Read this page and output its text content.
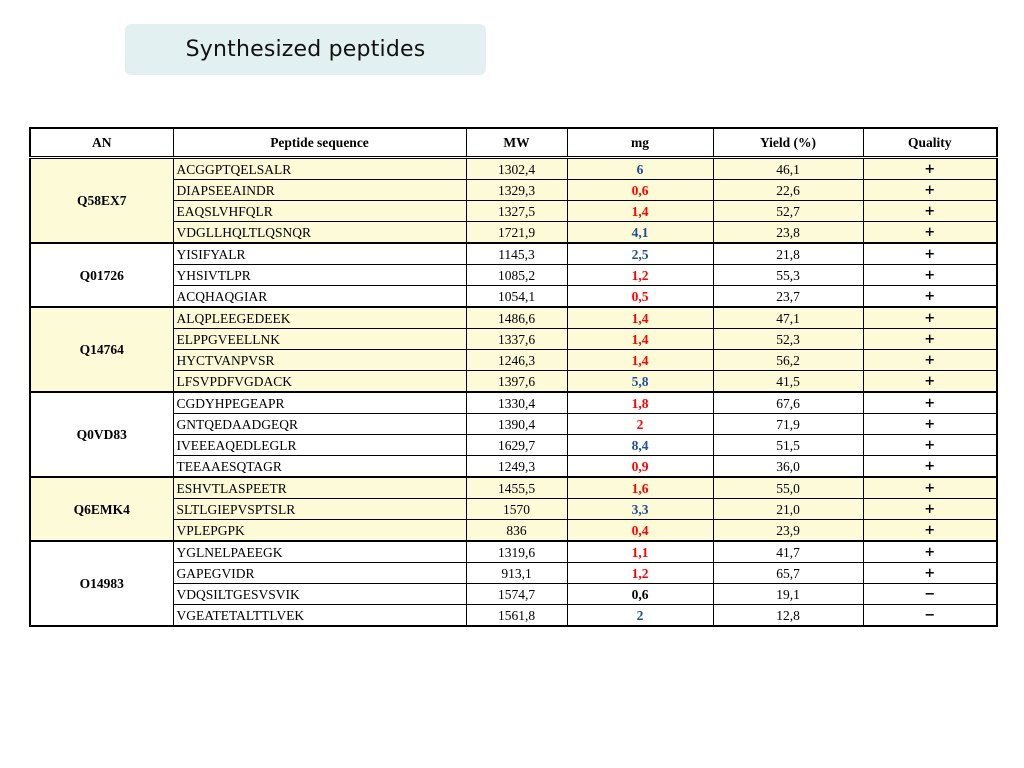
Synthesized peptides
AN	Peptide sequence	MW	mg	Yield (%)	Quality
Q58EX7	ACGGPTQELSALR	1302,4	6	46,1	+
	DIAPSEEAINDR	1329,3	0,6	22,6	+
	EAQSLVHFQLR	1327,5	1,4	52,7	+
	VDGLLHQLTLQSNQR	1721,9	4,1	23,8	+
Q01726	YISIFYALR	1145,3	2,5	21,8	+
	YHSIVTLPR	1085,2	1,2	55,3	+
	ACQHAQGIAR	1054,1	0,5	23,7	+
Q14764	ALQPLEEGEDEEK	1486,6	1,4	47,1	+
	ELPPGVEELLNK	1337,6	1,4	52,3	+
	HYCTVANPVSR	1246,3	1,4	56,2	+
	LFSVPDFVGDACK	1397,6	5,8	41,5	+
Q0VD83	CGDYHPEGEAPR	1330,4	1,8	67,6	+
	GNTQEDAADGEQR	1390,4	2	71,9	+
	IVEEEAQEDLEGLR	1629,7	8,4	51,5	+
	TEEAAESQTAGR	1249,3	0,9	36,0	+
Q6EMK4	ESHVTLASPEETR	1455,5	1,6	55,0	+
	SLTLGIEPVSPTSLR	1570	3,3	21,0	+
	VPLEPGPK	836	0,4	23,9	+
O14983	YGLNELPAEEGK	1319,6	1,1	41,7	+
	GAPEGVIDR	913,1	1,2	65,7	+
	VDQSILTGESVSVIK	1574,7	0,6	19,1	−
	VGEATETALTTLVEK	1561,8	2	12,8	−
